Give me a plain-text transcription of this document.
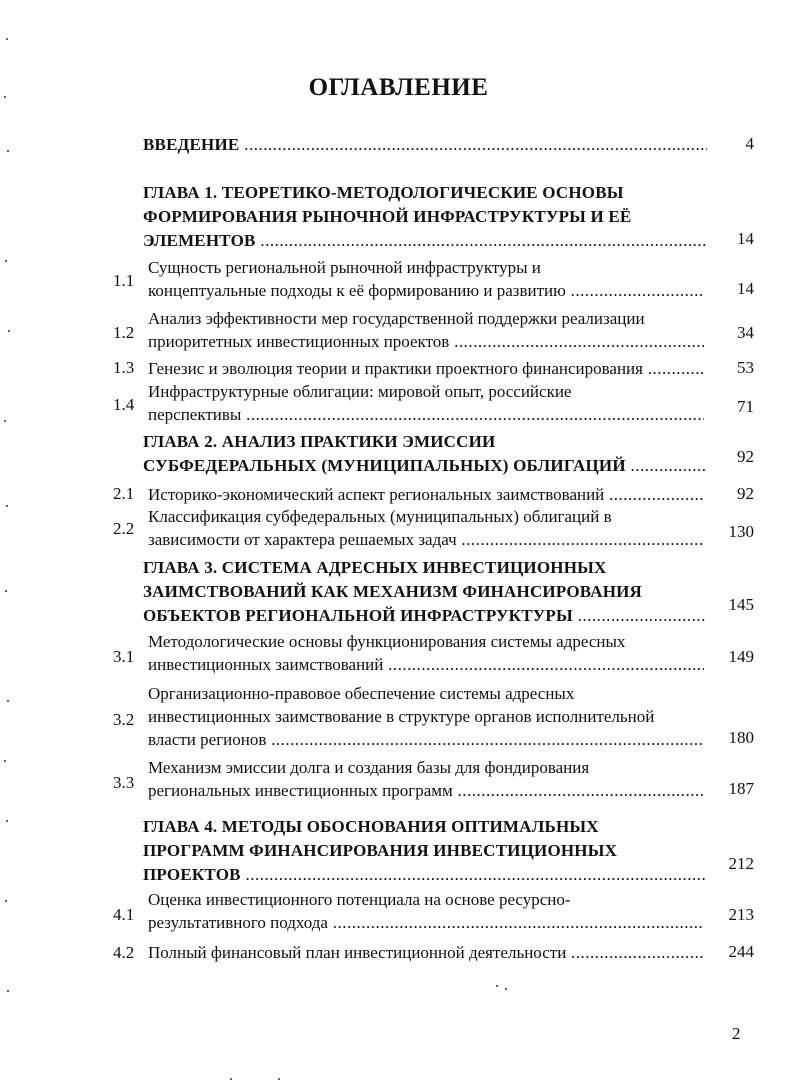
ОГЛАВЛЕНИЕ
ВВЕДЕНИЕ .....	4
ГЛАВА 1. ТЕОРЕТИКО-МЕТОДОЛОГИЧЕСКИЕ ОСНОВЫ
ФОРМИРОВАНИЯ РЫНОЧНОЙ ИНФРАСТРУКТУРЫ И ЕЁ
ЭЛЕМЕНТОВ .....	14
1.1
Сущность региональной рыночной инфраструктуры и
концептуальные подходы к её формированию и развитию .....	14
1.2
Анализ эффективности мер государственной поддержки реализации
приоритетных инвестиционных проектов .....	34
1.3 Генезис и эволюция теории и практики проектного финансирования .....	53
1.4
Инфраструктурные облигации: мировой опыт, российские
перспективы .....	71
ГЛАВА 2. АНАЛИЗ ПРАКТИКИ ЭМИССИИ
СУБФЕДЕРАЛЬНЫХ (МУНИЦИПАЛЬНЫХ) ОБЛИГАЦИЙ .....	92
2.1 Историко-экономический аспект региональных заимствований .....	92
2.2
Классификация субфедеральных (муниципальных) облигаций в
зависимости от характера решаемых задач .....	130
ГЛАВА 3. СИСТЕМА АДРЕСНЫХ ИНВЕСТИЦИОННЫХ
ЗАИМСТВОВАНИЙ КАК МЕХАНИЗМ ФИНАНСИРОВАНИЯ
ОБЪЕКТОВ РЕГИОНАЛЬНОЙ ИНФРАСТРУКТУРЫ .....
145
3.1
Методологические основы функционирования системы адресных
инвестиционных заимствований .....	149
3.2
Организационно-правовое обеспечение системы адресных
инвестиционных заимствование в структуре органов исполнительной
власти регионов .....	180
3.3
Механизм эмиссии долга и создания базы для фондирования
региональных инвестиционных программ .....	187
ГЛАВА 4. МЕТОДЫ ОБОСНОВАНИЯ ОПТИМАЛЬНЫХ
ПРОГРАММ ФИНАНСИРОВАНИЯ ИНВЕСТИЦИОННЫХ
ПРОЕКТОВ .....
212
4.1
Оценка инвестиционного потенциала на основе ресурсно-
результативного подхода .....	213
4.2 Полный финансовый план инвестиционной деятельности .....	244
2
